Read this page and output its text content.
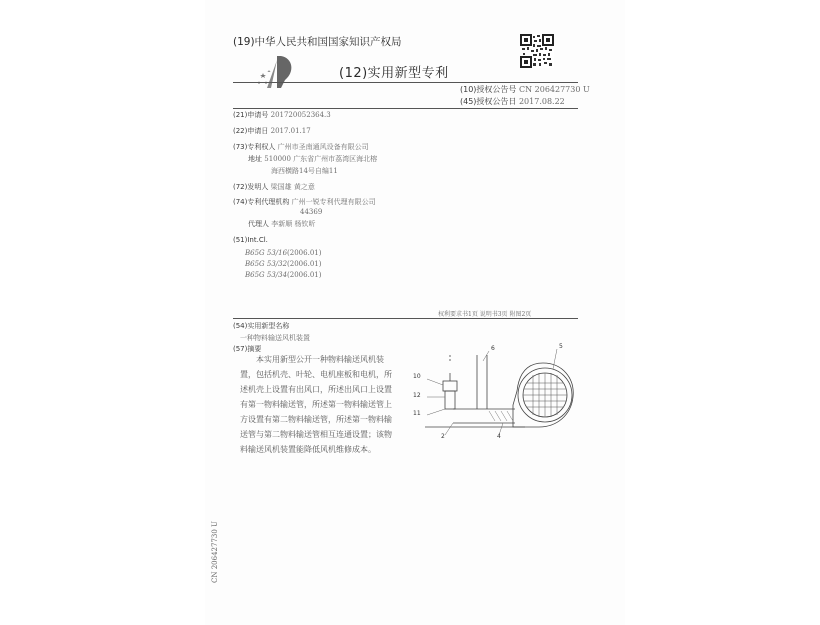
(19)中华人民共和国国家知识产权局
(12)实用新型专利
(10)授权公告号 CN 206427730 U
(45)授权公告日 2017.08.22
(21)申请号 201720052364.3
(22)申请日 2017.01.17
(73)专利权人 广州市圣南通风设备有限公司
地址 510000 广东省广州市荔湾区海北榕
海西横路14号自编11
(72)发明人 梁国雄 黄之意
(74)专利代理机构 广州一锐专利代理有限公司
44369
代理人 李新顺 杨钦昕
(51)Int.Cl.
B65G 53/16(2006.01)
B65G 53/32(2006.01)
B65G 53/34(2006.01)
权利要求书1页 说明书3页 附图2页
(54)实用新型名称
一种物料输送风机装置
(57)摘要
本实用新型公开一种物料输送风机装置，包括机壳、叶轮、电机座板和电机，所述机壳上设置有出风口，所述出风口上设置有第一物料输送管，所述第一物料输送管上方设置有第二物料输送管，所述第一物料输送管与第二物料输送管相互连通设置；该物料输送风机装置能降低风机维修成本。
6	5
10
12
11
2	4
CN 206427730 U
